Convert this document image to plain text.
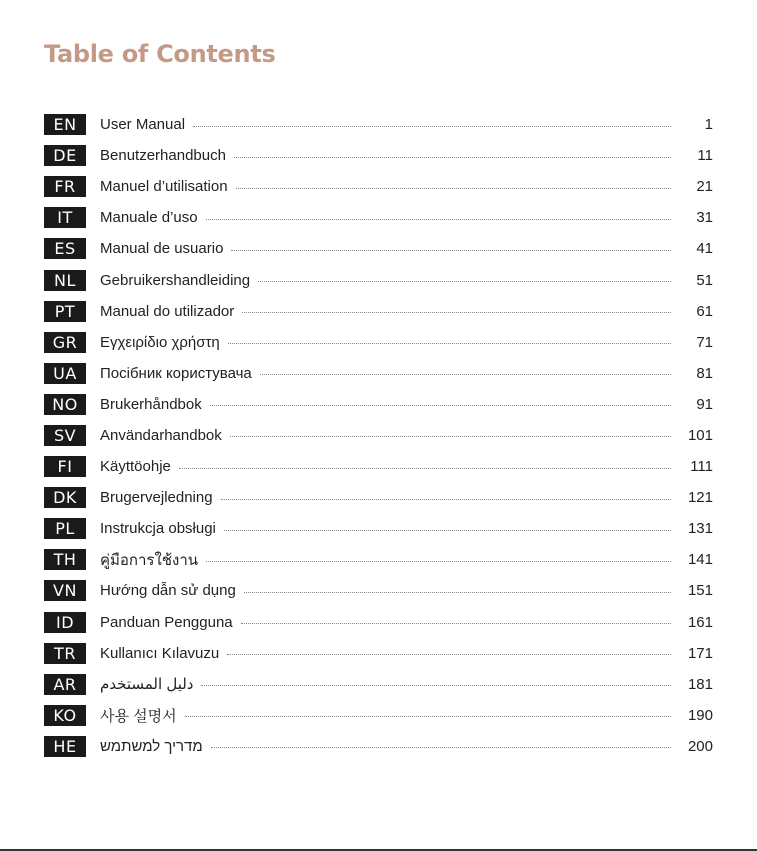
Table of Contents
EN	User Manual	1
DE	Benutzerhandbuch	11
FR	Manuel d’utilisation	21
IT	Manuale d’uso	31
ES	Manual de usuario	41
NL	Gebruikershandleiding	51
PT	Manual do utilizador	61
GR	Εγχειρίδιο χρήστη	71
UA	Посібник користувача	81
NO	Brukerhåndbok	91
SV	Användarhandbok	101
FI	Käyttöohje	111
DK	Brugervejledning	121
PL	Instrukcja obsługi	131
TH	คู่มือการใช้งาน	141
VN	Hướng dẫn sử dụng	151
ID	Panduan Pengguna	161
TR	Kullanıcı Kılavuzu	171
AR	دليل المستخدم	181
KO	사용 설명서	190
HE	מדריך למשתמש	200
